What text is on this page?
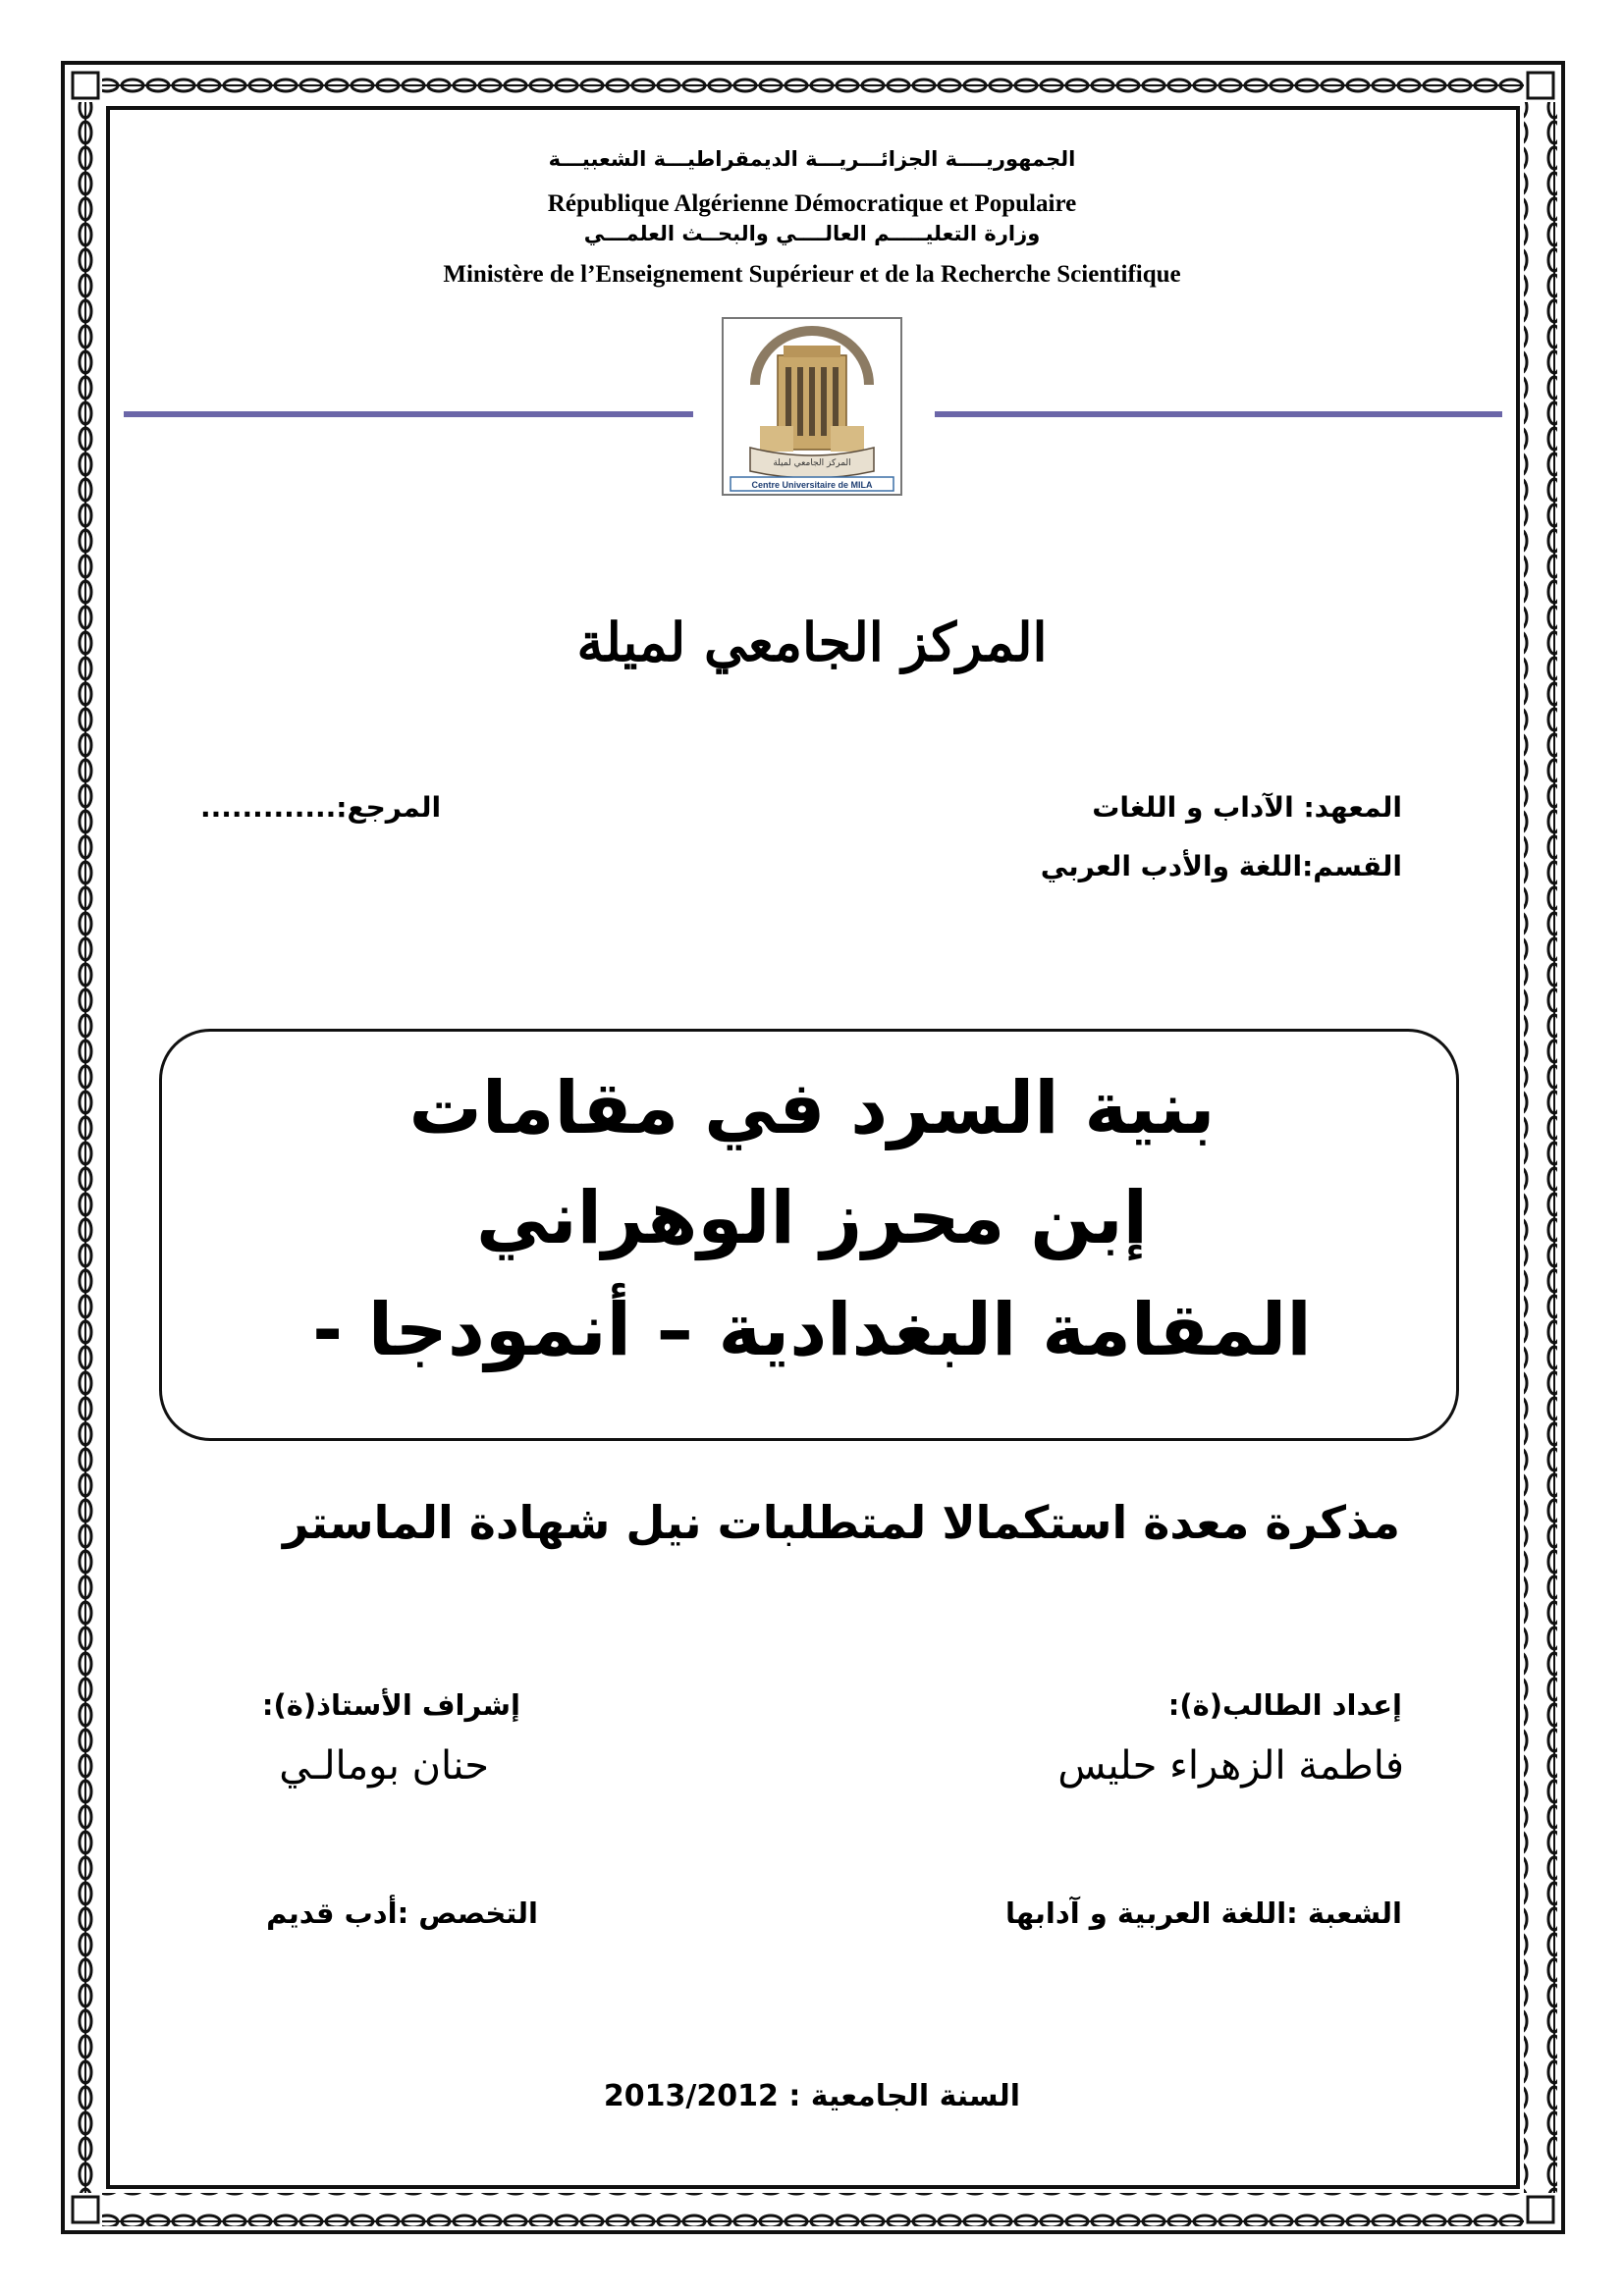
الجمهوريــــة الجزائـــريـــة الديمقراطيـــة الشعبيـــة
République Algérienne Démocratique et Populaire
وزارة التعليـــــم العالــــي والبحــث العلمـــي
Ministère de l’Enseignement Supérieur et de la Recherche Scientifique
المركز الجامعي لميلة
Centre Universitaire de MILA
المركز الجامعي لميلة
المعهد: الآداب و اللغات
القسم:اللغة والأدب العربي
المرجع:.............
بنية السرد في مقامات
إبن محرز الوهراني
المقامة البغدادية – أنمودجا -
مذكرة معدة استكمالا لمتطلبات نيل شهادة الماستر
إعداد الطالب(ة):
فاطمة الزهراء حليس
إشراف الأستاذ(ة):
حنان بومالـي
الشعبة :اللغة العربية و آدابها
التخصص :أدب قديم
2013/2012 السنة الجامعية :
